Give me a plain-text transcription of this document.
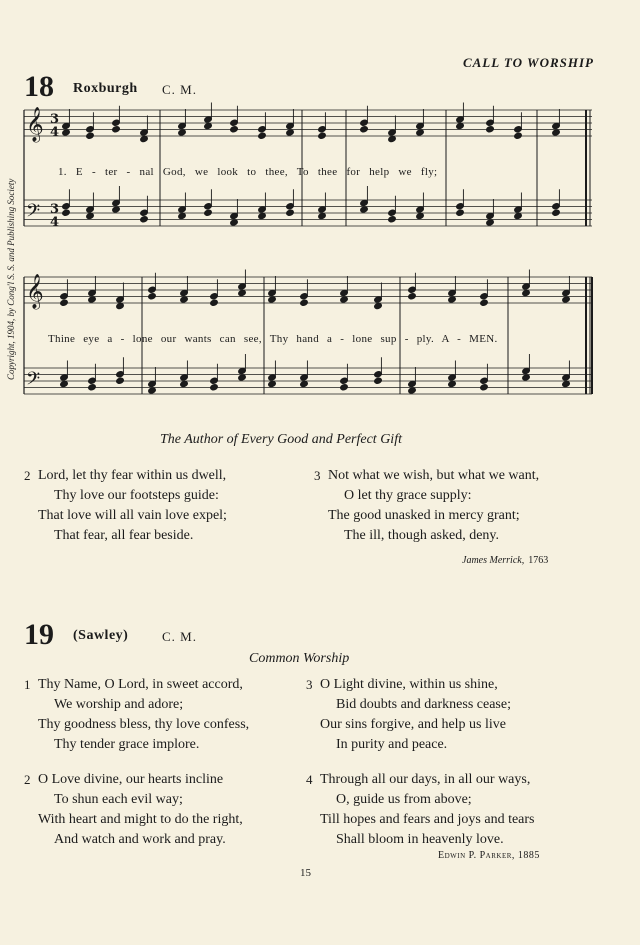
CALL TO WORSHIP
18 Roxburgh C. M.
Copyright, 1904, by Cong'l S. S. and Publishing Society
𝄞
𝄢
𝄞
𝄢
3
4
3
4
1. E - ter - nal God, we look to thee, To thee for help we fly;
Thine eye a - lone our wants can see, Thy hand a - lone sup - ply. A - MEN.
The Author of Every Good and Perfect Gift
2 Lord, let thy fear within us dwell,
Thy love our footsteps guide:
That love will all vain love expel;
That fear, all fear beside.
3 Not what we wish, but what we want,
O let thy grace supply:
The good unasked in mercy grant;
The ill, though asked, deny.
James Merrick, 1763
19 (Sawley)	C. M.
Common Worship
1 Thy Name, O Lord, in sweet accord,
We worship and adore;
Thy goodness bless, thy love confess,
Thy tender grace implore.
3 O Light divine, within us shine,
Bid doubts and darkness cease;
Our sins forgive, and help us live
In purity and peace.
2 O Love divine, our hearts incline
To shun each evil way;
With heart and might to do the right,
And watch and work and pray.
4 Through all our days, in all our ways,
O, guide us from above;
Till hopes and fears and joys and tears
Shall bloom in heavenly love.
Edwin P. Parker, 1885
15
